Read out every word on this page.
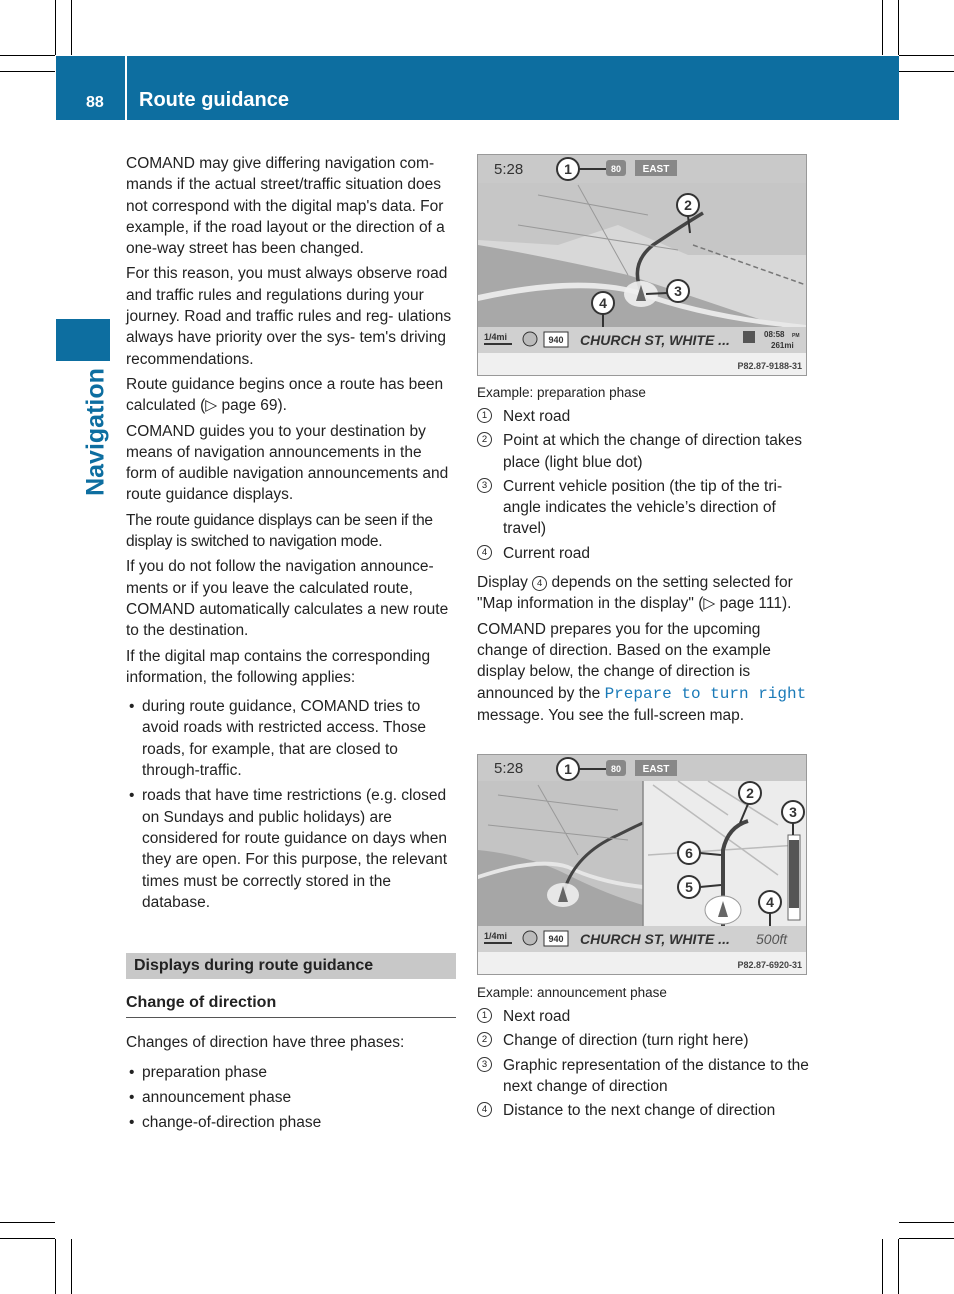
88 Route guidance
Navigation

COMAND may give differing navigation com- mands if the actual street/traffic situation does not correspond with the digital map's data. For example, if the road layout or the direction of a one-way street has been changed.

For this reason, you must always observe road and traffic rules and regulations during your journey. Road and traffic rules and reg- ulations always have priority over the sys- tem's driving recommendations.

Route guidance begins once a route has been calculated (▷ page 69).

COMAND guides you to your destination by means of navigation announcements in the form of audible navigation announcements and route guidance displays.

The route guidance displays can be seen if the display is switched to navigation mode.

If you do not follow the navigation announce- ments or if you leave the calculated route, COMAND automatically calculates a new route to the destination.

If the digital map contains the corresponding information, the following applies:

• during route guidance, COMAND tries to avoid roads with restricted access. Those roads, for example, that are closed to through-traffic.
• roads that have time restrictions (e.g. closed on Sundays and public holidays) are considered for route guidance on days when they are open. For this purpose, the relevant times must be correctly stored in the database.
Displays during route guidance
Change of direction

Changes of direction have three phases:

• preparation phase
• announcement phase
• change-of-direction phase
5:28	1	80 EAST
2
3
4
1/4mi	940 CHURCH ST, WHITE ...	08:58 PM
261mi
P82.87-9188-31
Example: preparation phase
1	Next road
2	Point at which the change of direction takes place (light blue dot)
3	Current vehicle position (the tip of the tri- angle indicates the vehicle’s direction of travel)
4	Current road

Display 4 depends on the setting selected for "Map information in the display" (▷ page 111).

COMAND prepares you for the upcoming change of direction. Based on the example display below, the change of direction is announced by the Prepare to turn right message. You see the full-screen map.

5:28	1	80 EAST
2
3
4
5
6
1/4mi	940 CHURCH ST, WHITE ... 500ft
P82.87-6920-31
Example: announcement phase
1	Next road
2	Change of direction (turn right here)
3	Graphic representation of the distance to the next change of direction
4	Distance to the next change of direction
